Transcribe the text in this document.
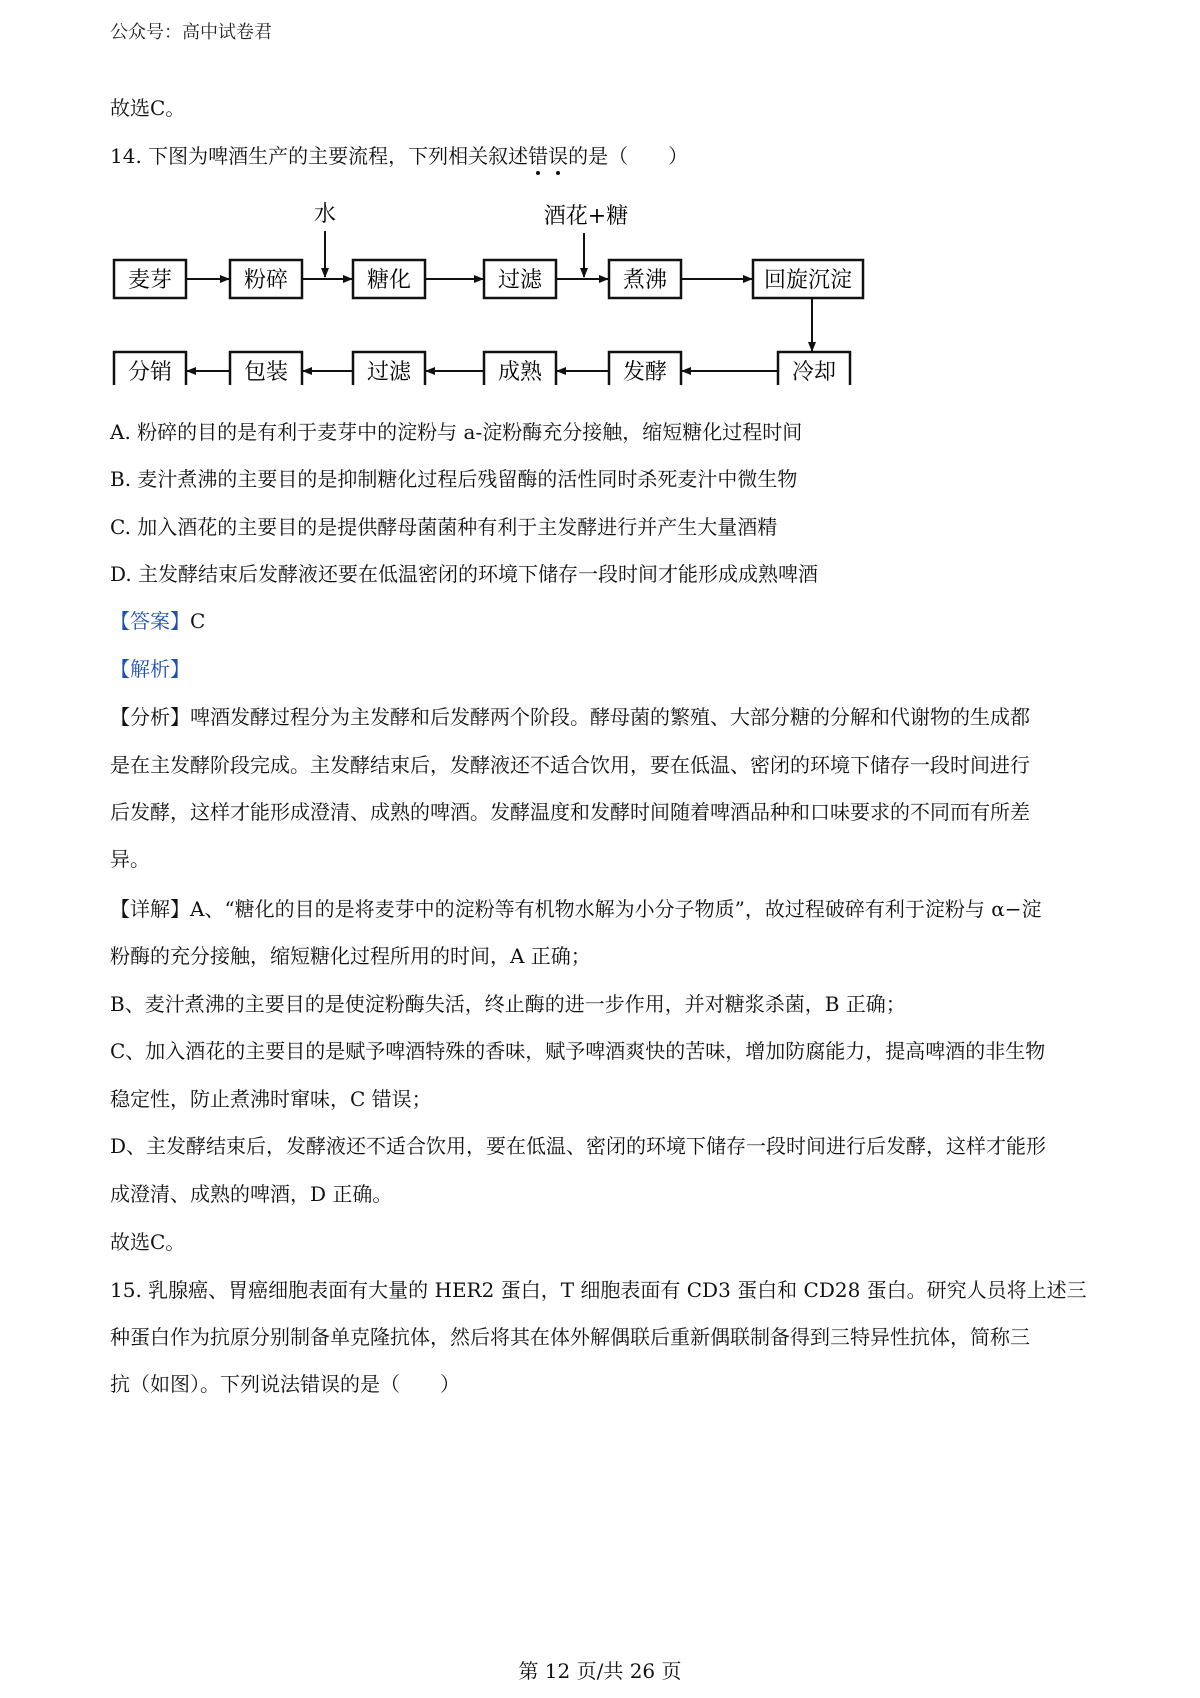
公众号：高中试卷君
故选C。
14. 下图为啤酒生产的主要流程，下列相关叙述错误的是（　　）
麦芽	粉碎	糖化	过滤	煮沸	回旋沉淀
水	酒花+糖
分销	包装	过滤	成熟	发酵	冷却
A. 粉碎的目的是有利于麦芽中的淀粉与 a-淀粉酶充分接触，缩短糖化过程时间
B. 麦汁煮沸的主要目的是抑制糖化过程后残留酶的活性同时杀死麦汁中微生物
C. 加入酒花的主要目的是提供酵母菌菌种有利于主发酵进行并产生大量酒精
D. 主发酵结束后发酵液还要在低温密闭的环境下储存一段时间才能形成成熟啤酒
【答案】C
【解析】
【分析】啤酒发酵过程分为主发酵和后发酵两个阶段。酵母菌的繁殖、大部分糖的分解和代谢物的生成都
是在主发酵阶段完成。主发酵结束后，发酵液还不适合饮用，要在低温、密闭的环境下储存一段时间进行
后发酵，这样才能形成澄清、成熟的啤酒。发酵温度和发酵时间随着啤酒品种和口味要求的不同而有所差
异。
【详解】A、“糖化的目的是将麦芽中的淀粉等有机物水解为小分子物质”，故过程破碎有利于淀粉与 α−淀
粉酶的充分接触，缩短糖化过程所用的时间，A 正确；
B、麦汁煮沸的主要目的是使淀粉酶失活，终止酶的进一步作用，并对糖浆杀菌，B 正确；
C、加入酒花的主要目的是赋予啤酒特殊的香味，赋予啤酒爽快的苦味，增加防腐能力，提高啤酒的非生物
稳定性，防止煮沸时窜味，C 错误；
D、主发酵结束后，发酵液还不适合饮用，要在低温、密闭的环境下储存一段时间进行后发酵，这样才能形
成澄清、成熟的啤酒，D 正确。
故选C。
15. 乳腺癌、胃癌细胞表面有大量的 HER2 蛋白，T 细胞表面有 CD3 蛋白和 CD28 蛋白。研究人员将上述三
种蛋白作为抗原分别制备单克隆抗体，然后将其在体外解偶联后重新偶联制备得到三特异性抗体，简称三
抗（如图）。下列说法错误的是（　　）
第 12 页/共 26 页
